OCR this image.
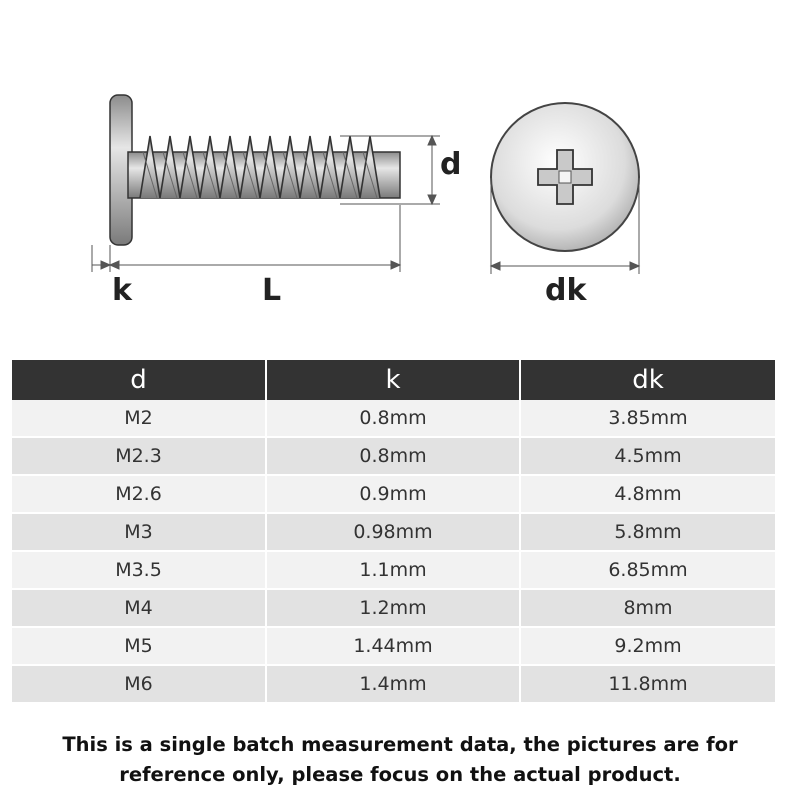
d
k	L	dk
d	k	dk
M2	0.8mm	3.85mm
M2.3	0.8mm	4.5mm
M2.6	0.9mm	4.8mm
M3	0.98mm	5.8mm
M3.5	1.1mm	6.85mm
M4	1.2mm	8mm
M5	1.44mm	9.2mm
M6	1.4mm	11.8mm
This is a single batch measurement data, the pictures are for
reference only, please focus on the actual product.
